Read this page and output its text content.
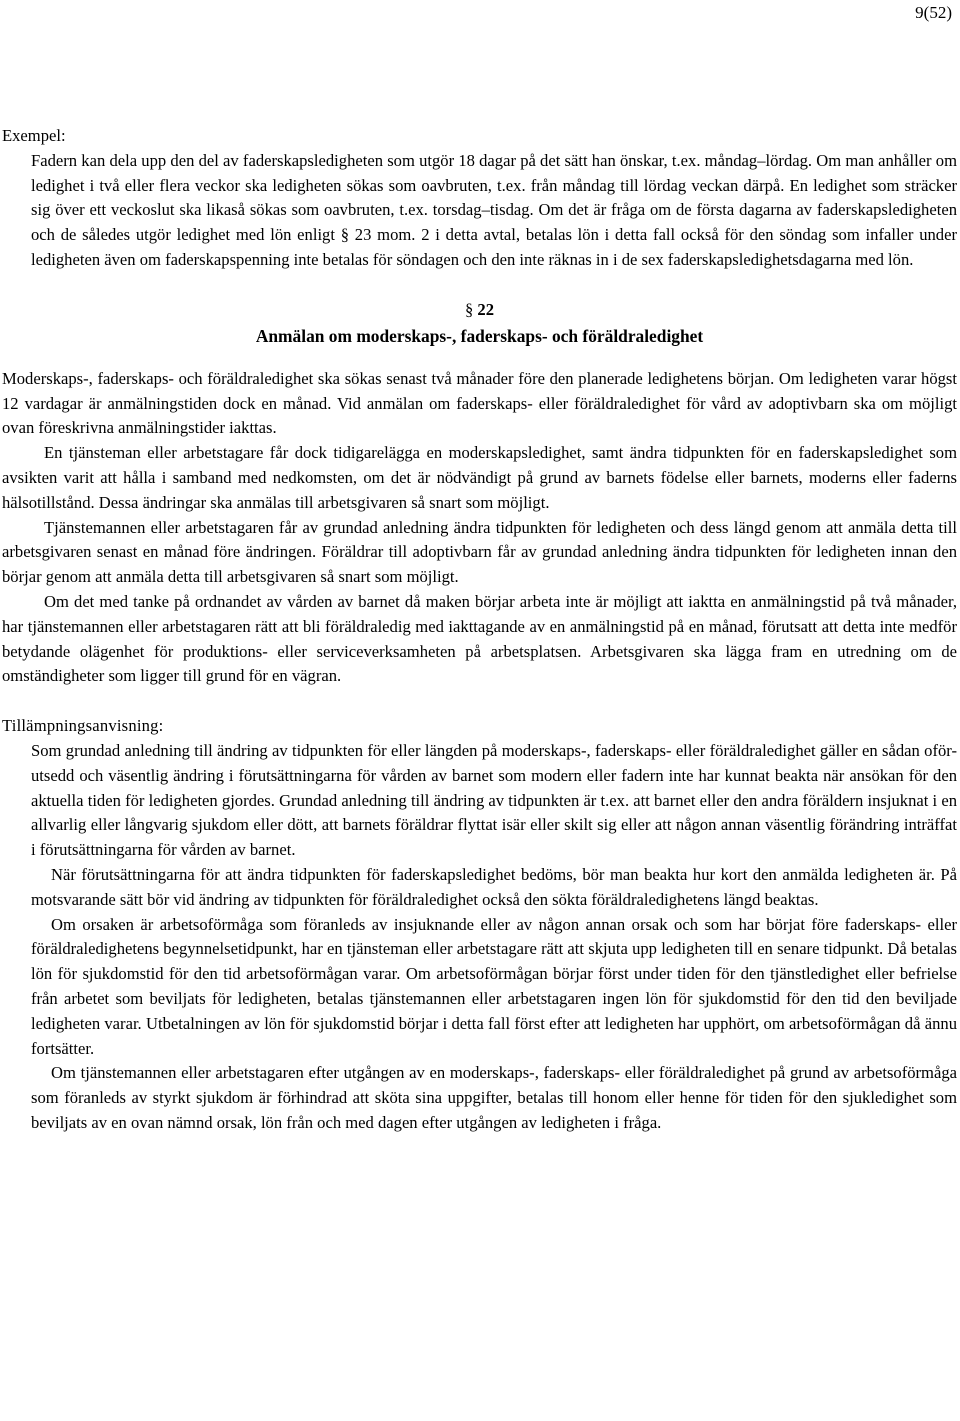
9(52)

Exempel:

Fadern kan dela upp den del av faderskapsledigheten som utgör 18 dagar på det sätt han önskar, t.ex. måndag–lördag. Om man anhåller om ledighet i två eller flera veckor ska ledigheten sökas som oavbruten, t.ex. från måndag till lördag veckan därpå. En ledighet som sträcker sig över ett veckoslut ska likaså sökas som oavbruten, t.ex. torsdag–tisdag. Om det är fråga om de första dagarna av faderskapsledigheten och de således utgör ledighet med lön enligt § 23 mom. 2 i detta avtal, betalas lön i detta fall också för den söndag som infaller under ledigheten även om faderskapspenning inte betalas för söndagen och den inte räknas in i de sex faderskapsledighetsdagarna med lön.

§ 22
Anmälan om moderskaps-, faderskaps- och föräldraledighet

Moderskaps-, faderskaps- och föräldraledighet ska sökas senast två månader före den planerade ledighetens början. Om ledigheten varar högst 12 vardagar är anmälningstiden dock en månad. Vid anmälan om faderskaps- eller föräldraledighet för vård av adoptivbarn ska om möjligt ovan föreskrivna anmälningstider iakttas.

En tjänsteman eller arbetstagare får dock tidigarelägga en moderskapsledighet, samt ändra tidpunkten för en faderskapsledighet som avsikten varit att hålla i samband med nedkomsten, om det är nödvändigt på grund av barnets födelse eller barnets, moderns eller faderns hälsotillstånd. Dessa ändringar ska anmälas till arbetsgivaren så snart som möjligt.

Tjänstemannen eller arbetstagaren får av grundad anledning ändra tidpunkten för ledigheten och dess längd genom att anmäla detta till arbetsgivaren senast en månad före ändringen. Föräldrar till adoptivbarn får av grundad anledning ändra tidpunkten för ledigheten innan den börjar genom att anmäla detta till arbetsgivaren så snart som möjligt.

Om det med tanke på ordnandet av vården av barnet då maken börjar arbeta inte är möjligt att iaktta en anmälningstid på två månader, har tjänstemannen eller arbetstagaren rätt att bli föräldraledig med iakttagande av en anmälningstid på en månad, förutsatt att detta inte medför betydande olägenhet för produktions- eller serviceverksamheten på arbetsplatsen. Arbetsgivaren ska lägga fram en utredning om de omständigheter som ligger till grund för en vägran.

Tillämpningsanvisning:

Som grundad anledning till ändring av tidpunkten för eller längden på moderskaps-, faderskaps- eller föräldraledighet gäller en sådan oför-utsedd och väsentlig ändring i förutsättningarna för vården av barnet som modern eller fadern inte har kunnat beakta när ansökan för den aktuella tiden för ledigheten gjordes. Grundad anledning till ändring av tidpunkten är t.ex. att barnet eller den andra föräldern insjuknat i en allvarlig eller långvarig sjukdom eller dött, att barnets föräldrar flyttat isär eller skilt sig eller att någon annan väsentlig förändring inträffat i förutsättningarna för vården av barnet.

När förutsättningarna för att ändra tidpunkten för faderskapsledighet bedöms, bör man beakta hur kort den anmälda ledigheten är. På motsvarande sätt bör vid ändring av tidpunkten för föräldraledighet också den sökta föräldraledighetens längd beaktas.

Om orsaken är arbetsoförmåga som föranleds av insjuknande eller av någon annan orsak och som har börjat före faderskaps- eller föräldraledighetens begynnelsetidpunkt, har en tjänsteman eller arbetstagare rätt att skjuta upp ledigheten till en senare tidpunkt. Då betalas lön för sjukdomstid för den tid arbetsoförmågan varar. Om arbetsoförmågan börjar först under tiden för den tjänstledighet eller befrielse från arbetet som beviljats för ledigheten, betalas tjänstemannen eller arbetstagaren ingen lön för sjukdomstid för den tid den beviljade ledigheten varar. Utbetalningen av lön för sjukdomstid börjar i detta fall först efter att ledigheten har upphört, om arbetsoförmågan då ännu fortsätter.

Om tjänstemannen eller arbetstagaren efter utgången av en moderskaps-, faderskaps- eller föräldraledighet på grund av arbetsoförmåga som föranleds av styrkt sjukdom är förhindrad att sköta sina uppgifter, betalas till honom eller henne för tiden för den sjukledighet som beviljats av en ovan nämnd orsak, lön från och med dagen efter utgången av ledigheten i fråga.
